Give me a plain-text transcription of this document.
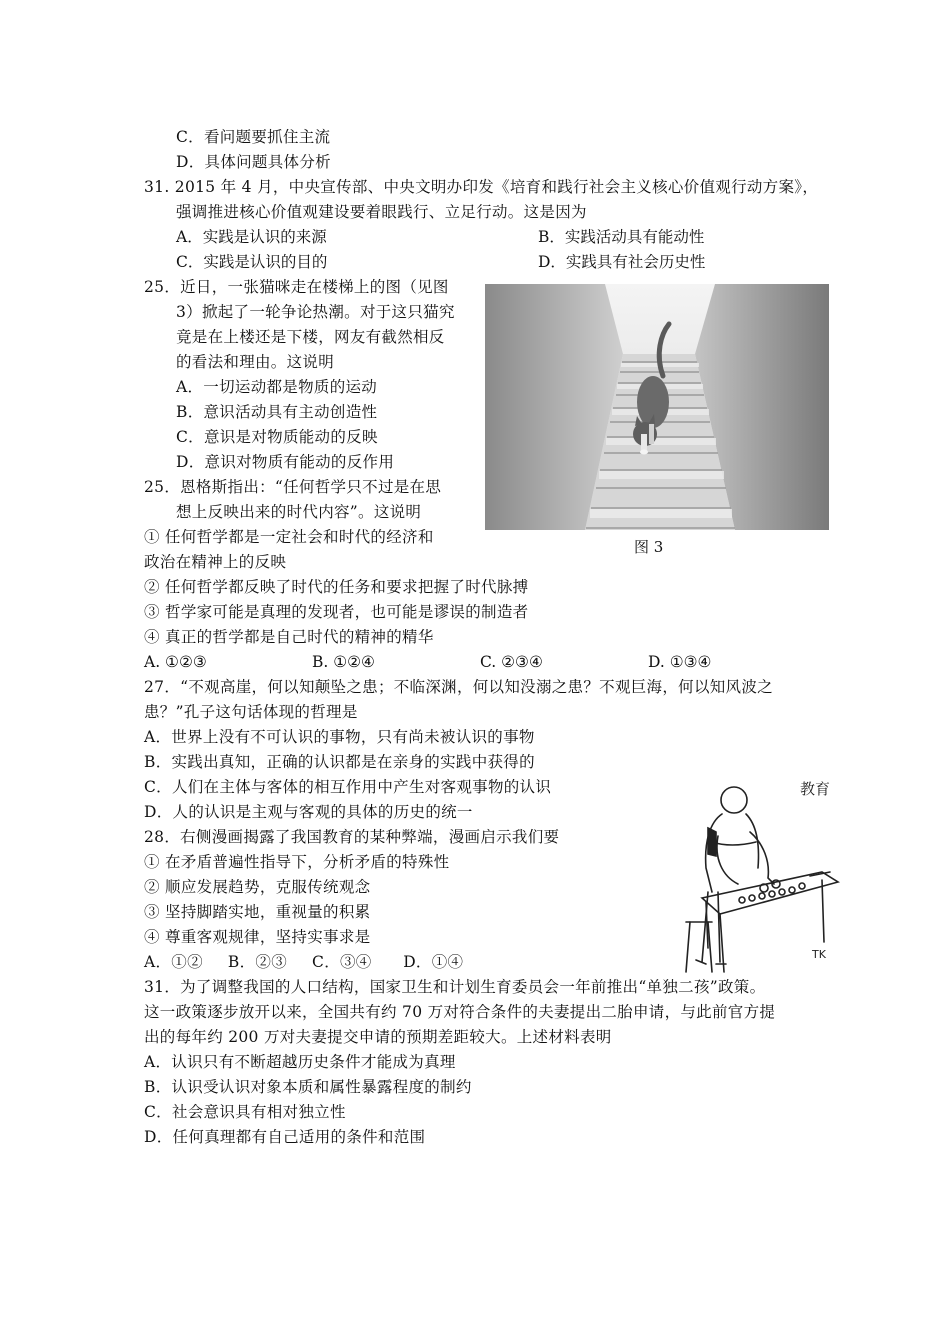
C．看问题要抓住主流
D．具体问题具体分析
31. 2015 年 4 月，中央宣传部、中央文明办印发《培育和践行社会主义核心价值观行动方案》，
强调推进核心价值观建设要着眼践行、立足行动。这是因为
A．实践是认识的来源	B．实践活动具有能动性
C．实践是认识的目的	D．实践具有社会历史性
25．近日，一张猫咪走在楼梯上的图（见图
3）掀起了一轮争论热潮。对于这只猫究
竟是在上楼还是下楼，网友有截然相反
的看法和理由。这说明
A．一切运动都是物质的运动
B．意识活动具有主动创造性
C．意识是对物质能动的反映
D．意识对物质有能动的反作用
25．恩格斯指出：“任何哲学只不过是在思
想上反映出来的时代内容”。这说明
① 任何哲学都是一定社会和时代的经济和
政治在精神上的反映
② 任何哲学都反映了时代的任务和要求把握了时代脉搏
③ 哲学家可能是真理的发现者，也可能是谬误的制造者
④ 真正的哲学都是自己时代的精神的精华
A. ①②③	B. ①②④	C. ②③④	D. ①③④
27．“不观高崖，何以知颠坠之患；不临深渊，何以知没溺之患？不观巨海，何以知风波之
患？”孔子这句话体现的哲理是
A．世界上没有不可认识的事物，只有尚未被认识的事物
B．实践出真知，正确的认识都是在亲身的实践中获得的
C．人们在主体与客体的相互作用中产生对客观事物的认识
D．人的认识是主观与客观的具体的历史的统一
28．右侧漫画揭露了我国教育的某种弊端，漫画启示我们要
① 在矛盾普遍性指导下，分析矛盾的特殊性
② 顺应发展趋势，克服传统观念
③ 坚持脚踏实地，重视量的积累
④ 尊重客观规律，坚持实事求是
A．①②　 B．②③　 C．③④　　D．①④
31．为了调整我国的人口结构，国家卫生和计划生育委员会一年前推出“单独二孩”政策。
这一政策逐步放开以来，全国共有约 70 万对符合条件的夫妻提出二胎申请，与此前官方提
出的每年约 200 万对夫妻提交申请的预期差距较大。上述材料表明
A．认识只有不断超越历史条件才能成为真理
B．认识受认识对象本质和属性暴露程度的制约
C．社会意识具有相对独立性
D．任何真理都有自己适用的条件和范围
图 3
教育
TK
